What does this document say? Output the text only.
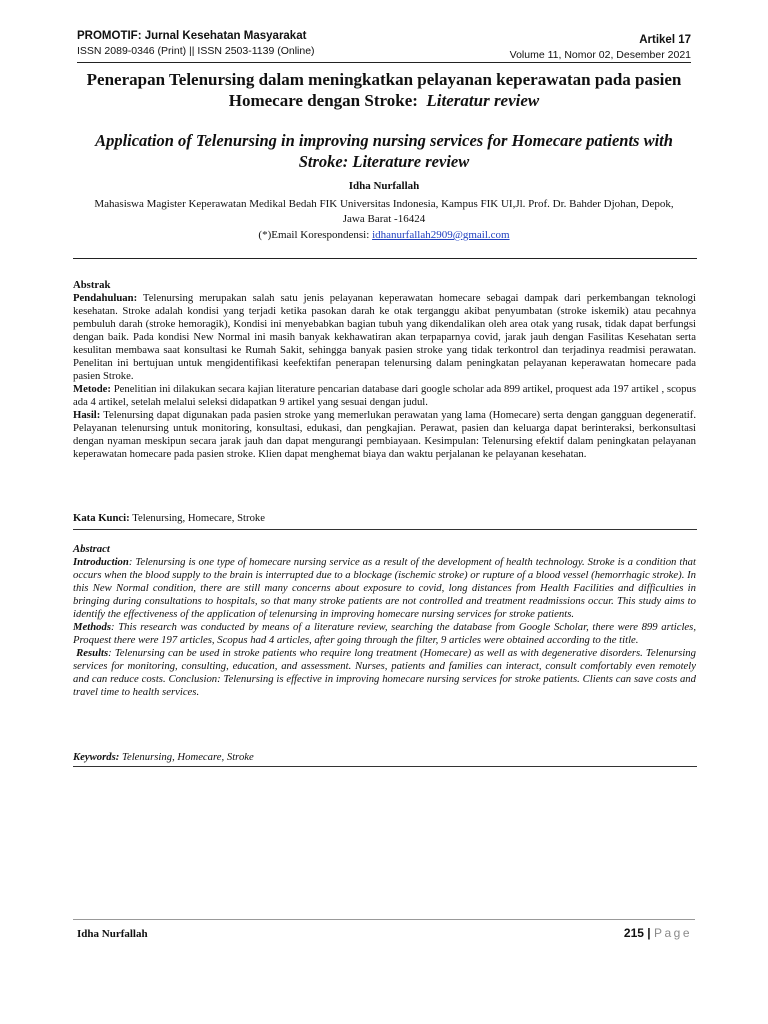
PROMOTIF: Jurnal Kesehatan Masyarakat
ISSN 2089-0346 (Print) || ISSN 2503-1139 (Online)
Artikel 17
Volume 11, Nomor 02, Desember 2021
Penerapan Telenursing dalam meningkatkan pelayanan keperawatan pada pasien Homecare dengan Stroke: Literatur review
Application of Telenursing in improving nursing services for Homecare patients with Stroke: Literature review
Idha Nurfallah
Mahasiswa Magister Keperawatan Medikal Bedah FIK Universitas Indonesia, Kampus FIK UI,Jl. Prof. Dr. Bahder Djohan, Depok, Jawa Barat -16424
(*)Email Korespondensi: idhanurfallah2909@gmail.com

Abstrak

Pendahuluan: Telenursing merupakan salah satu jenis pelayanan keperawatan homecare sebagai dampak dari perkembangan teknologi kesehatan. Stroke adalah kondisi yang terjadi ketika pasokan darah ke otak terganggu akibat penyumbatan (stroke iskemik) atau pecahnya pembuluh darah (stroke hemoragik), Kondisi ini menyebabkan bagian tubuh yang dikendalikan oleh area otak yang rusak, tidak dapat berfungsi dengan baik. Pada kondisi New Normal ini masih banyak kekhawatiran akan terpaparnya covid, jarak jauh dengan Fasilitas Kesehatan serta kesulitan membawa saat konsultasi ke Rumah Sakit, sehingga banyak pasien stroke yang tidak terkontrol dan terjadinya readmisi perawatan. Penelitan ini bertujuan untuk mengidentifikasi keefektifan penerapan telenursing dalam peningkatan pelayanan keperawatan homecare pada pasien Stroke.

Metode: Penelitian ini dilakukan secara kajian literature pencarian database dari google scholar ada 899 artikel, proquest ada 197 artikel , scopus ada 4 artikel, setelah melalui seleksi didapatkan 9 artikel yang sesuai dengan judul.

Hasil: Telenursing dapat digunakan pada pasien stroke yang memerlukan perawatan yang lama (Homecare) serta dengan gangguan degeneratif. Pelayanan telenursing untuk monitoring, konsultasi, edukasi, dan pengkajian. Perawat, pasien dan keluarga dapat berinteraksi, berkonsultasi dengan nyaman meskipun secara jarak jauh dan dapat mengurangi pembiayaan. Kesimpulan: Telenursing efektif dalam peningkatan pelayanan keperawatan homecare pada pasien stroke. Klien dapat menghemat biaya dan waktu perjalanan ke pelayanan kesehatan.

Kata Kunci: Telenursing, Homecare, Stroke

Abstract

Introduction: Telenursing is one type of homecare nursing service as a result of the development of health technology. Stroke is a condition that occurs when the blood supply to the brain is interrupted due to a blockage (ischemic stroke) or rupture of a blood vessel (hemorrhagic stroke). In this New Normal condition, there are still many concerns about exposure to covid, long distances from Health Facilities and difficulties in bringing during consultations to hospitals, so that many stroke patients are not controlled and treatment readmissions occur. This study aims to identify the effectiveness of the application of telenursing in improving homecare nursing services for stroke patients.

Methods: This research was conducted by means of a literature review, searching the database from Google Scholar, there were 899 articles, Proquest there were 197 articles, Scopus had 4 articles, after going through the filter, 9 articles were obtained according to the title.

Results: Telenursing can be used in stroke patients who require long treatment (Homecare) as well as with degenerative disorders. Telenursing services for monitoring, consulting, education, and assessment. Nurses, patients and families can interact, consult comfortably even remotely and can reduce costs. Conclusion: Telenursing is effective in improving homecare nursing services for stroke patients. Clients can save costs and travel time to health services.

Keywords: Telenursing, Homecare, Stroke
Idha Nurfallah	215 | Page
